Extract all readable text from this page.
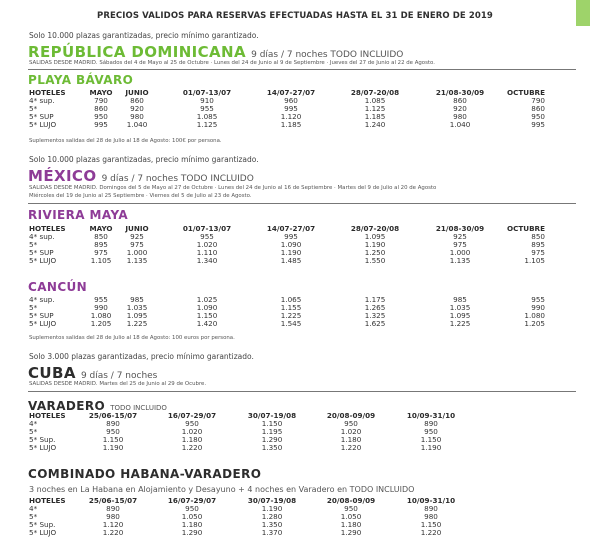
PRECIOS VALIDOS PARA RESERVAS EFECTUADAS HASTA EL 31 DE ENERO DE 2019
Solo 10.000 plazas garantizadas, precio mínimo garantizado.
REPÚBLICA DOMINICANA 9 días / 7 noches TODO INCLUIDO
SALIDAS DESDE MADRID. Sábados del 4 de Mayo al 25 de Octubre · Lunes del 24 de Junio al 9 de Septiembre · Jueves del 27 de Junio al 22 de Agosto.
PLAYA BÁVARO
HOTELES	MAYO JUNIO	01/07-13/07	14/07-27/07	28/07-20/08	21/08-30/09	OCTUBRE
4* sup.	790	860	910	960	1.085	860	790
5*	860	920	955	995	1.125	920	860
5* SUP	950	980	1.085	1.120	1.185	980	950
5* LUJO	995	1.040	1.125	1.185	1.240	1.040	995
Suplementos salidas del 28 de Julio al 18 de Agosto: 100€ por persona.
Solo 10.000 plazas garantizadas, precio mínimo garantizado.
MÉXICO 9 días / 7 noches TODO INCLUIDO
SALIDAS DESDE MADRID. Domingos del 5 de Mayo al 27 de Octubre · Lunes del 24 de Junio al 16 de Septiembre · Martes del 9 de Julio al 20 de Agosto
Miércoles del 19 de Junio al 25 Septiembre · Viernes del 5 de Julio al 23 de Agosto.
RIVIERA MAYA
HOTELES	MAYO JUNIO	01/07-13/07	14/07-27/07	28/07-20/08	21/08-30/09	OCTUBRE
4* sup.	850	925	955	995	1.095	925	850
5*	895	975	1.020	1.090	1.190	975	895
5* SUP	975	1.000	1.110	1.190	1.250	1.000	975
5* LUJO	1.105 1.135	1.340	1.485	1.550	1.135	1.105
CANCÚN
4* sup.	955	985	1.025	1.065	1.175	985	955
5*	990	1.035	1.090	1.155	1.265	1.035	990
5* SUP	1.080 1.095	1.150	1.225	1.325	1.095	1.080
5* LUJO	1.205 1.225	1.420	1.545	1.625	1.225	1.205
Suplementos salidas del 28 de Julio al 18 de Agosto: 100 euros por persona.
Solo 3.000 plazas garantizadas, precio mínimo garantizado.
CUBA 9 días / 7 noches
SALIDAS DESDE MADRID. Martes del 25 de Junio al 29 de Ocubre.
VARADERO TODO INCLUIDO
HOTELES	25/06-15/07	16/07-29/07	30/07-19/08	20/08-09/09	10/09-31/10
4*	890	950	1.150	950	890
5*	950	1.020	1.195	1.020	950
5* Sup.	1.150	1.180	1.290	1.180	1.150
5* LUJO	1.190	1.220	1.350	1.220	1.190
COMBINADO HABANA-VARADERO
3 noches en La Habana en Alojamiento y Desayuno + 4 noches en Varadero en TODO INCLUIDO
HOTELES	25/06-15/07	16/07-29/07	30/07-19/08	20/08-09/09	10/09-31/10
4*	890	950	1.190	950	890
5*	980	1.050	1.280	1.050	980
5* Sup.	1.120	1.180	1.350	1.180	1.150
5* LUJO	1.220	1.290	1.370	1.290	1.220
